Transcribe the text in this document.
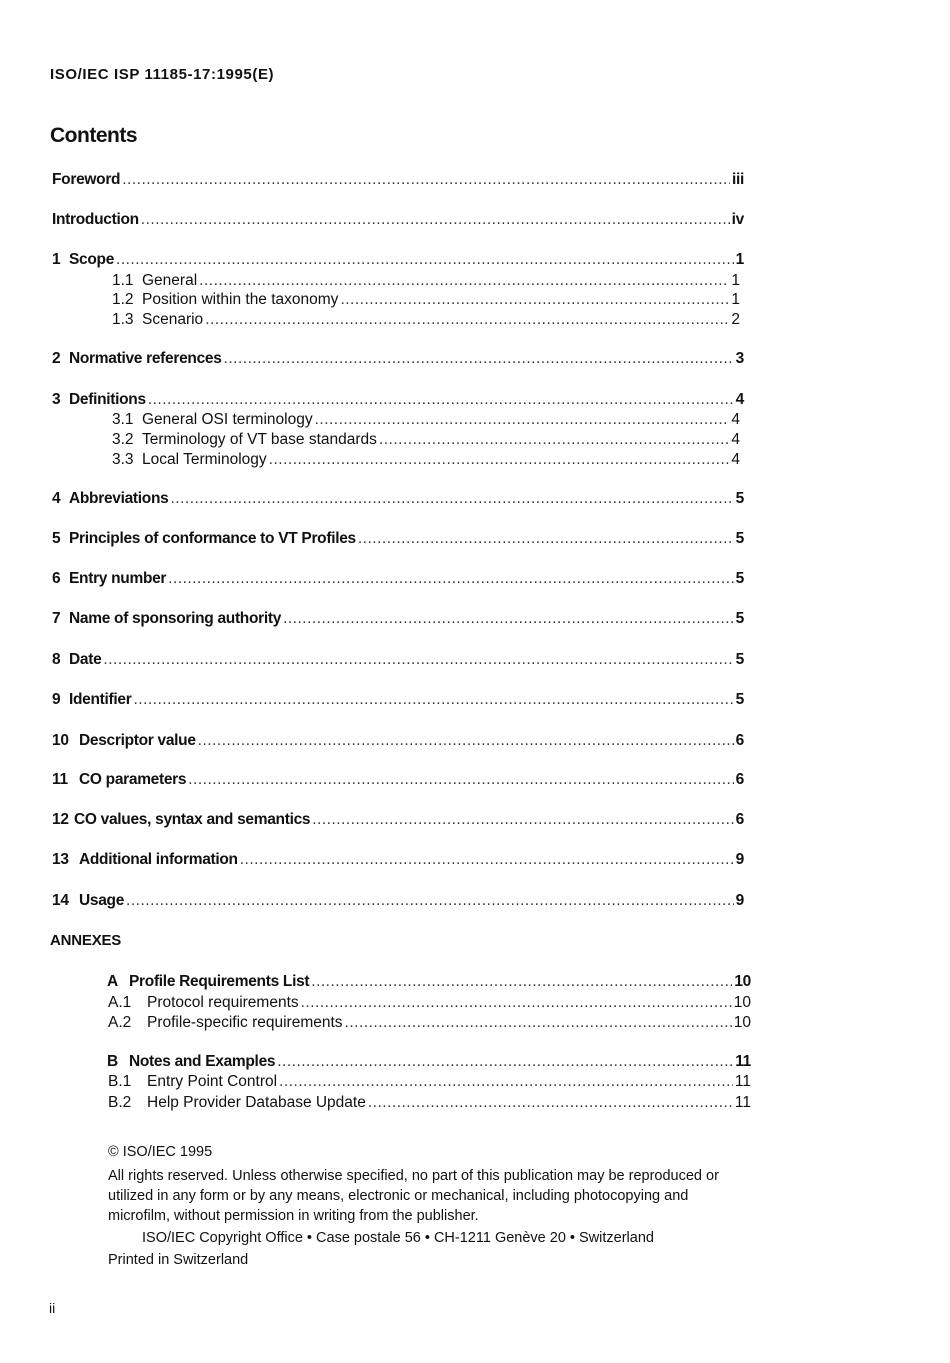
ISO/IEC ISP 11185-17:1995(E)
Contents
Foreword .....	iii
Introduction .....	iv
1 Scope .....	1
1.1 General .....	1
1.2 Position within the taxonomy .....	1
1.3 Scenario .....	2
2 Normative references .....	3
3 Definitions .....	4
3.1 General OSI terminology .....	4
3.2 Terminology of VT base standards .....	4
3.3 Local Terminology .....	4
4 Abbreviations .....	5
5 Principles of conformance to VT Profiles .....	5
6 Entry number .....	5
7 Name of sponsoring authority .....	5
8 Date .....	5
9 Identifier .....	5
10 Descriptor value .....	6
11 CO parameters .....	6
12 CO values, syntax and semantics .....	6
13 Additional information .....	9
14 Usage .....	9
ANNEXES
A Profile Requirements List .....	10
A.1	Protocol requirements .....	10
A.2	Profile-specific requirements .....	10
B Notes and Examples .....	11
B.1	Entry Point Control .....	11
B.2	Help Provider Database Update .....	11
© ISO/IEC 1995
All rights reserved. Unless otherwise specified, no part of this publication may be reproduced or utilized in any form or by any means, electronic or mechanical, including photocopying and microfilm, without permission in writing from the publisher.
ISO/IEC Copyright Office • Case postale 56 • CH-1211 Genève 20 • Switzerland
Printed in Switzerland
ii
